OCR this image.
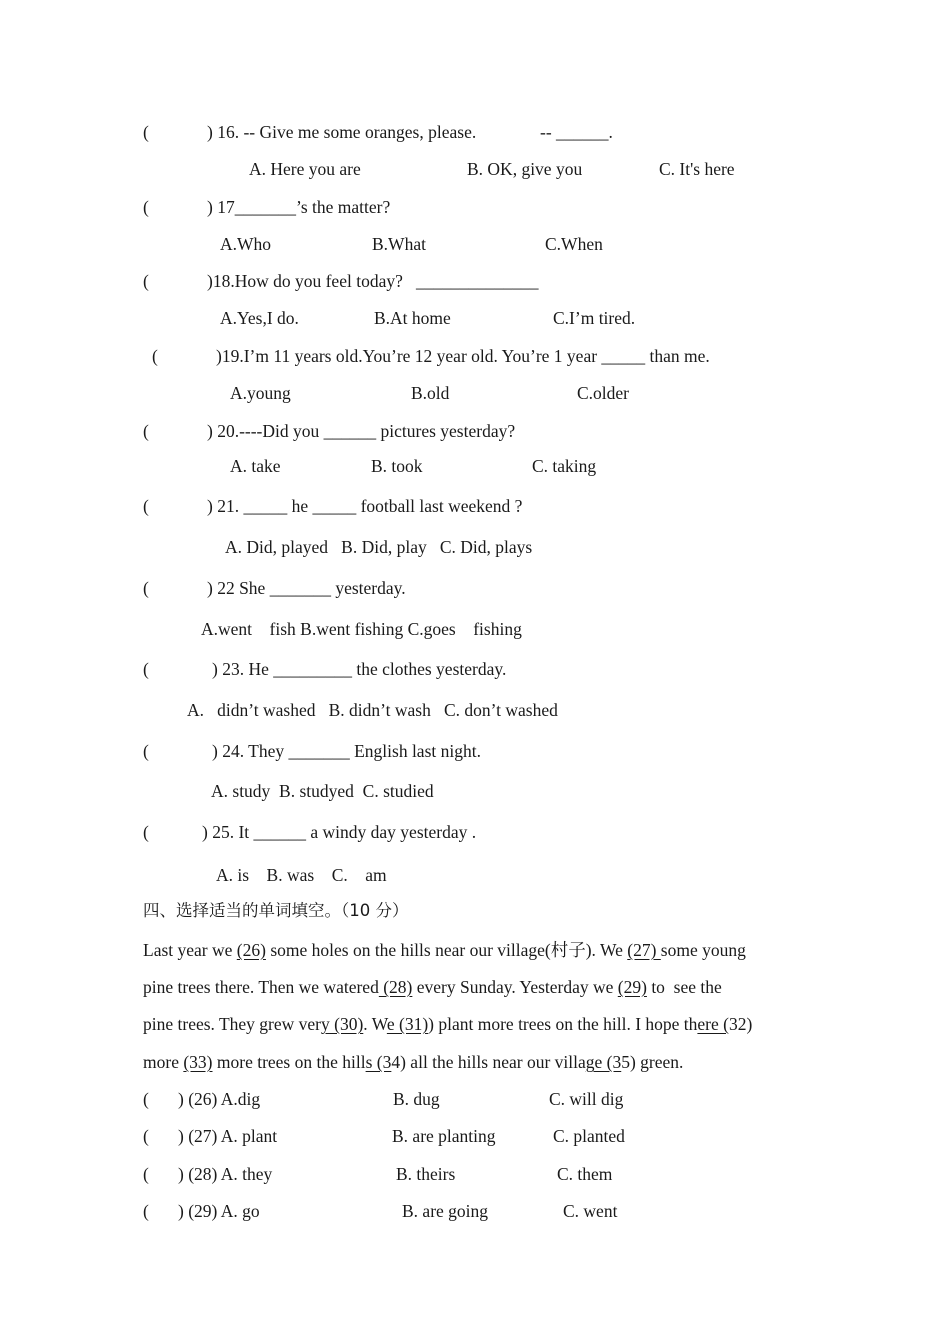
(	) 16. -- Give me some oranges, please.	-- ______.
A. Here you are	B. OK, give you	C. It's here
(	) 17_______’s the matter?
A.Who	B.What	C.When
(	)18.How do you feel today?   ______________
A.Yes,I do.	B.At home	C.I’m tired.
(	)19.I’m 11 years old.You’re 12 year old. You’re 1 year _____ than me.
A.young	B.old	C.older
(	) 20.----Did you ______ pictures yesterday?
A. take	B. took	C. taking
(	) 21. _____ he _____ football last weekend ?
A. Did, played   B. Did, play   C. Did, plays
(	) 22 She _______ yesterday.
A.went    fish B.went fishing C.goes    fishing
(	) 23. He _________ the clothes yesterday.
A.   didn’t washed   B. didn’t wash   C. don’t washed
(	) 24. They _______ English last night.
A. study  B. studyed  C. studied
(	) 25. It ______ a windy day yesterday .
A. is    B. was    C.    am
四、选择适当的单词填空。（10 分）
Last year we (26) some holes on the hills near our village(村子). We (27) some young
pine trees there. Then we watered (28) every Sunday. Yesterday we (29) to  see the
pine trees. They grew very (30). We (31)) plant more trees on the hill. I hope there (32)
more (33) more trees on the hills (34) all the hills near our village (35) green.
( ) (26) A.dig	B. dug	C. will dig
( ) (27) A. plant	B. are planting	C. planted
( ) (28) A. they	B. theirs	C. them
( ) (29) A. go	B. are going	C. went
